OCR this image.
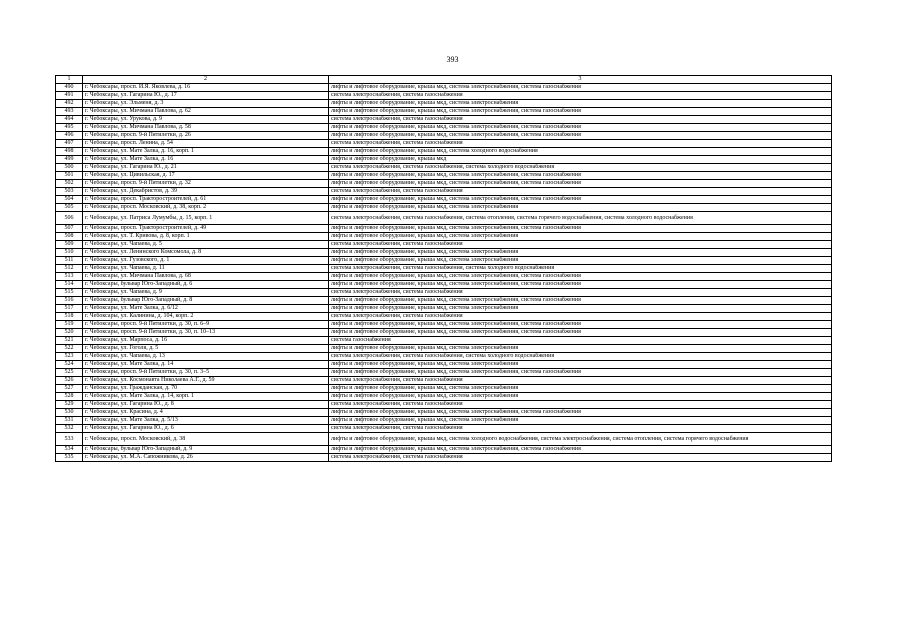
393
1	2	3
490	г. Чебоксары, просп. И.Я. Яковлева, д. 16	лифты и лифтовое оборудование, крыша мкд, система электроснабжения, система газоснабжения
491	г. Чебоксары, ул. Гагарина Ю., д. 17	система электроснабжения, система газоснабжения
492	г. Чебоксары, ул. Эльменя, д. 3	лифты и лифтовое оборудование, крыша мкд, система электроснабжения
493	г. Чебоксары, ул. Мичмана Павлова, д. 62	лифты и лифтовое оборудование, крыша мкд, система электроснабжения, система газоснабжения
494	г. Чебоксары, ул. Урукова, д. 9	система электроснабжения, система газоснабжения
495	г. Чебоксары, ул. Мичмана Павлова, д. 58	лифты и лифтовое оборудование, крыша мкд, система электроснабжения, система газоснабжения
496	г. Чебоксары, просп. 9-й Пятилетки, д. 26	лифты и лифтовое оборудование, крыша мкд, система электроснабжения, система газоснабжения
497	г. Чебоксары, просп. Ленина, д. 54	система электроснабжения, система газоснабжения
498	г. Чебоксары, ул. Мате Залка, д. 16, корп. 1	лифты и лифтовое оборудование, крыша мкд, система холодного водоснабжения
499	г. Чебоксары, ул. Мате Залка, д. 16	лифты и лифтовое оборудование, крыша мкд
500	г. Чебоксары, ул. Гагарина Ю., д. 21	система электроснабжения, система газоснабжения, система холодного водоснабжения
501	г. Чебоксары, ул. Цивильская, д. 17	лифты и лифтовое оборудование, крыша мкд, система электроснабжения, система газоснабжения
502	г. Чебоксары, просп. 9-й Пятилетки, д. 32	лифты и лифтовое оборудование, крыша мкд, система электроснабжения, система газоснабжения
503	г. Чебоксары, ул. Декабристов, д. 39	система электроснабжения, система газоснабжения
504	г. Чебоксары, просп. Тракторостроителей, д. 61	лифты и лифтовое оборудование, крыша мкд, система электроснабжения, система газоснабжения
505	г. Чебоксары, просп. Московский, д. 38, корп. 2	лифты и лифтовое оборудование, крыша мкд, система электроснабжения
506	г. Чебоксары, ул. Патриса Лумумбы, д. 15, корп. 1	система электроснабжения, система газоснабжения, система отопления, система горячего водоснабжения, система холодного водоснабжения
507	г. Чебоксары, просп. Тракторостроителей, д. 49	лифты и лифтовое оборудование, крыша мкд, система электроснабжения, система газоснабжения
508	г. Чебоксары, ул. Т. Кривова, д. 8, корп. 1	лифты и лифтовое оборудование, крыша мкд, система электроснабжения
509	г. Чебоксары, ул. Чапаева, д. 5	система электроснабжения, система газоснабжения
510	г. Чебоксары, ул. Ленинского Комсомола, д. 8	лифты и лифтовое оборудование, крыша мкд, система электроснабжения
511	г. Чебоксары, ул. Гузовского, д. 1	лифты и лифтовое оборудование, крыша мкд, система электроснабжения
512	г. Чебоксары, ул. Чапаева, д. 11	система электроснабжения, система газоснабжения, система холодного водоснабжения
513	г. Чебоксары, ул. Мичмана Павлова, д. 68	лифты и лифтовое оборудование, крыша мкд, система электроснабжения, система газоснабжения
514	г. Чебоксары, бульвар Юго-Западный, д. 6	лифты и лифтовое оборудование, крыша мкд, система электроснабжения, система газоснабжения
515	г. Чебоксары, ул. Чапаева, д. 9	система электроснабжения, система газоснабжения
516	г. Чебоксары, бульвар Юго-Западный, д. 8	лифты и лифтовое оборудование, крыша мкд, система электроснабжения, система газоснабжения
517	г. Чебоксары, ул. Мате Залка, д. 6/12	лифты и лифтовое оборудование, крыша мкд, система электроснабжения
518	г. Чебоксары, ул. Калинина, д. 104, корп. 2	система электроснабжения, система газоснабжения
519	г. Чебоксары, просп. 9-й Пятилетки, д. 30, п. 6–9	лифты и лифтовое оборудование, крыша мкд, система электроснабжения, система газоснабжения
520	г. Чебоксары, просп. 9-й Пятилетки, д. 30, п. 10–13	лифты и лифтовое оборудование, крыша мкд, система электроснабжения, система газоснабжения
521	г. Чебоксары, ул. Марпоса, д. 16	система газоснабжения
522	г. Чебоксары, ул. Гоголя, д. 5	лифты и лифтовое оборудование, крыша мкд, система электроснабжения
523	г. Чебоксары, ул. Чапаева, д. 13	система электроснабжения, система газоснабжения, система холодного водоснабжения
524	г. Чебоксары, ул. Мате Залка, д. 14	лифты и лифтовое оборудование, крыша мкд, система электроснабжения
525	г. Чебоксары, просп. 9-й Пятилетки, д. 30, п. 3–5	лифты и лифтовое оборудование, крыша мкд, система электроснабжения, система газоснабжения
526	г. Чебоксары, ул. Космонавта Николаева А.Г., д. 59	система электроснабжения, система газоснабжения
527	г. Чебоксары, ул. Гражданская, д. 70	лифты и лифтовое оборудование, крыша мкд, система электроснабжения
528	г. Чебоксары, ул. Мате Залка, д. 14, корп. 1	лифты и лифтовое оборудование, крыша мкд, система электроснабжения
529	г. Чебоксары, ул. Гагарина Ю., д. 8	система электроснабжения, система газоснабжения
530	г. Чебоксары, ул. Красина, д. 4	лифты и лифтовое оборудование, крыша мкд, система электроснабжения, система газоснабжения
531	г. Чебоксары, ул. Мате Залка, д. 5/13	лифты и лифтовое оборудование, крыша мкд, система электроснабжения
532	г. Чебоксары, ул. Гагарина Ю., д. 6	система электроснабжения, система газоснабжения
533	г. Чебоксары, просп. Московский, д. 38	лифты и лифтовое оборудование, крыша мкд, система холодного водоснабжения, система электроснабжения, система отопления, система горячего водоснабжения
534	г. Чебоксары, бульвар Юго-Западный, д. 9	лифты и лифтовое оборудование, крыша мкд, система электроснабжения, система газоснабжения
535	г. Чебоксары, ул. М.А. Сапожникова, д. 26	система электроснабжения, система газоснабжения
